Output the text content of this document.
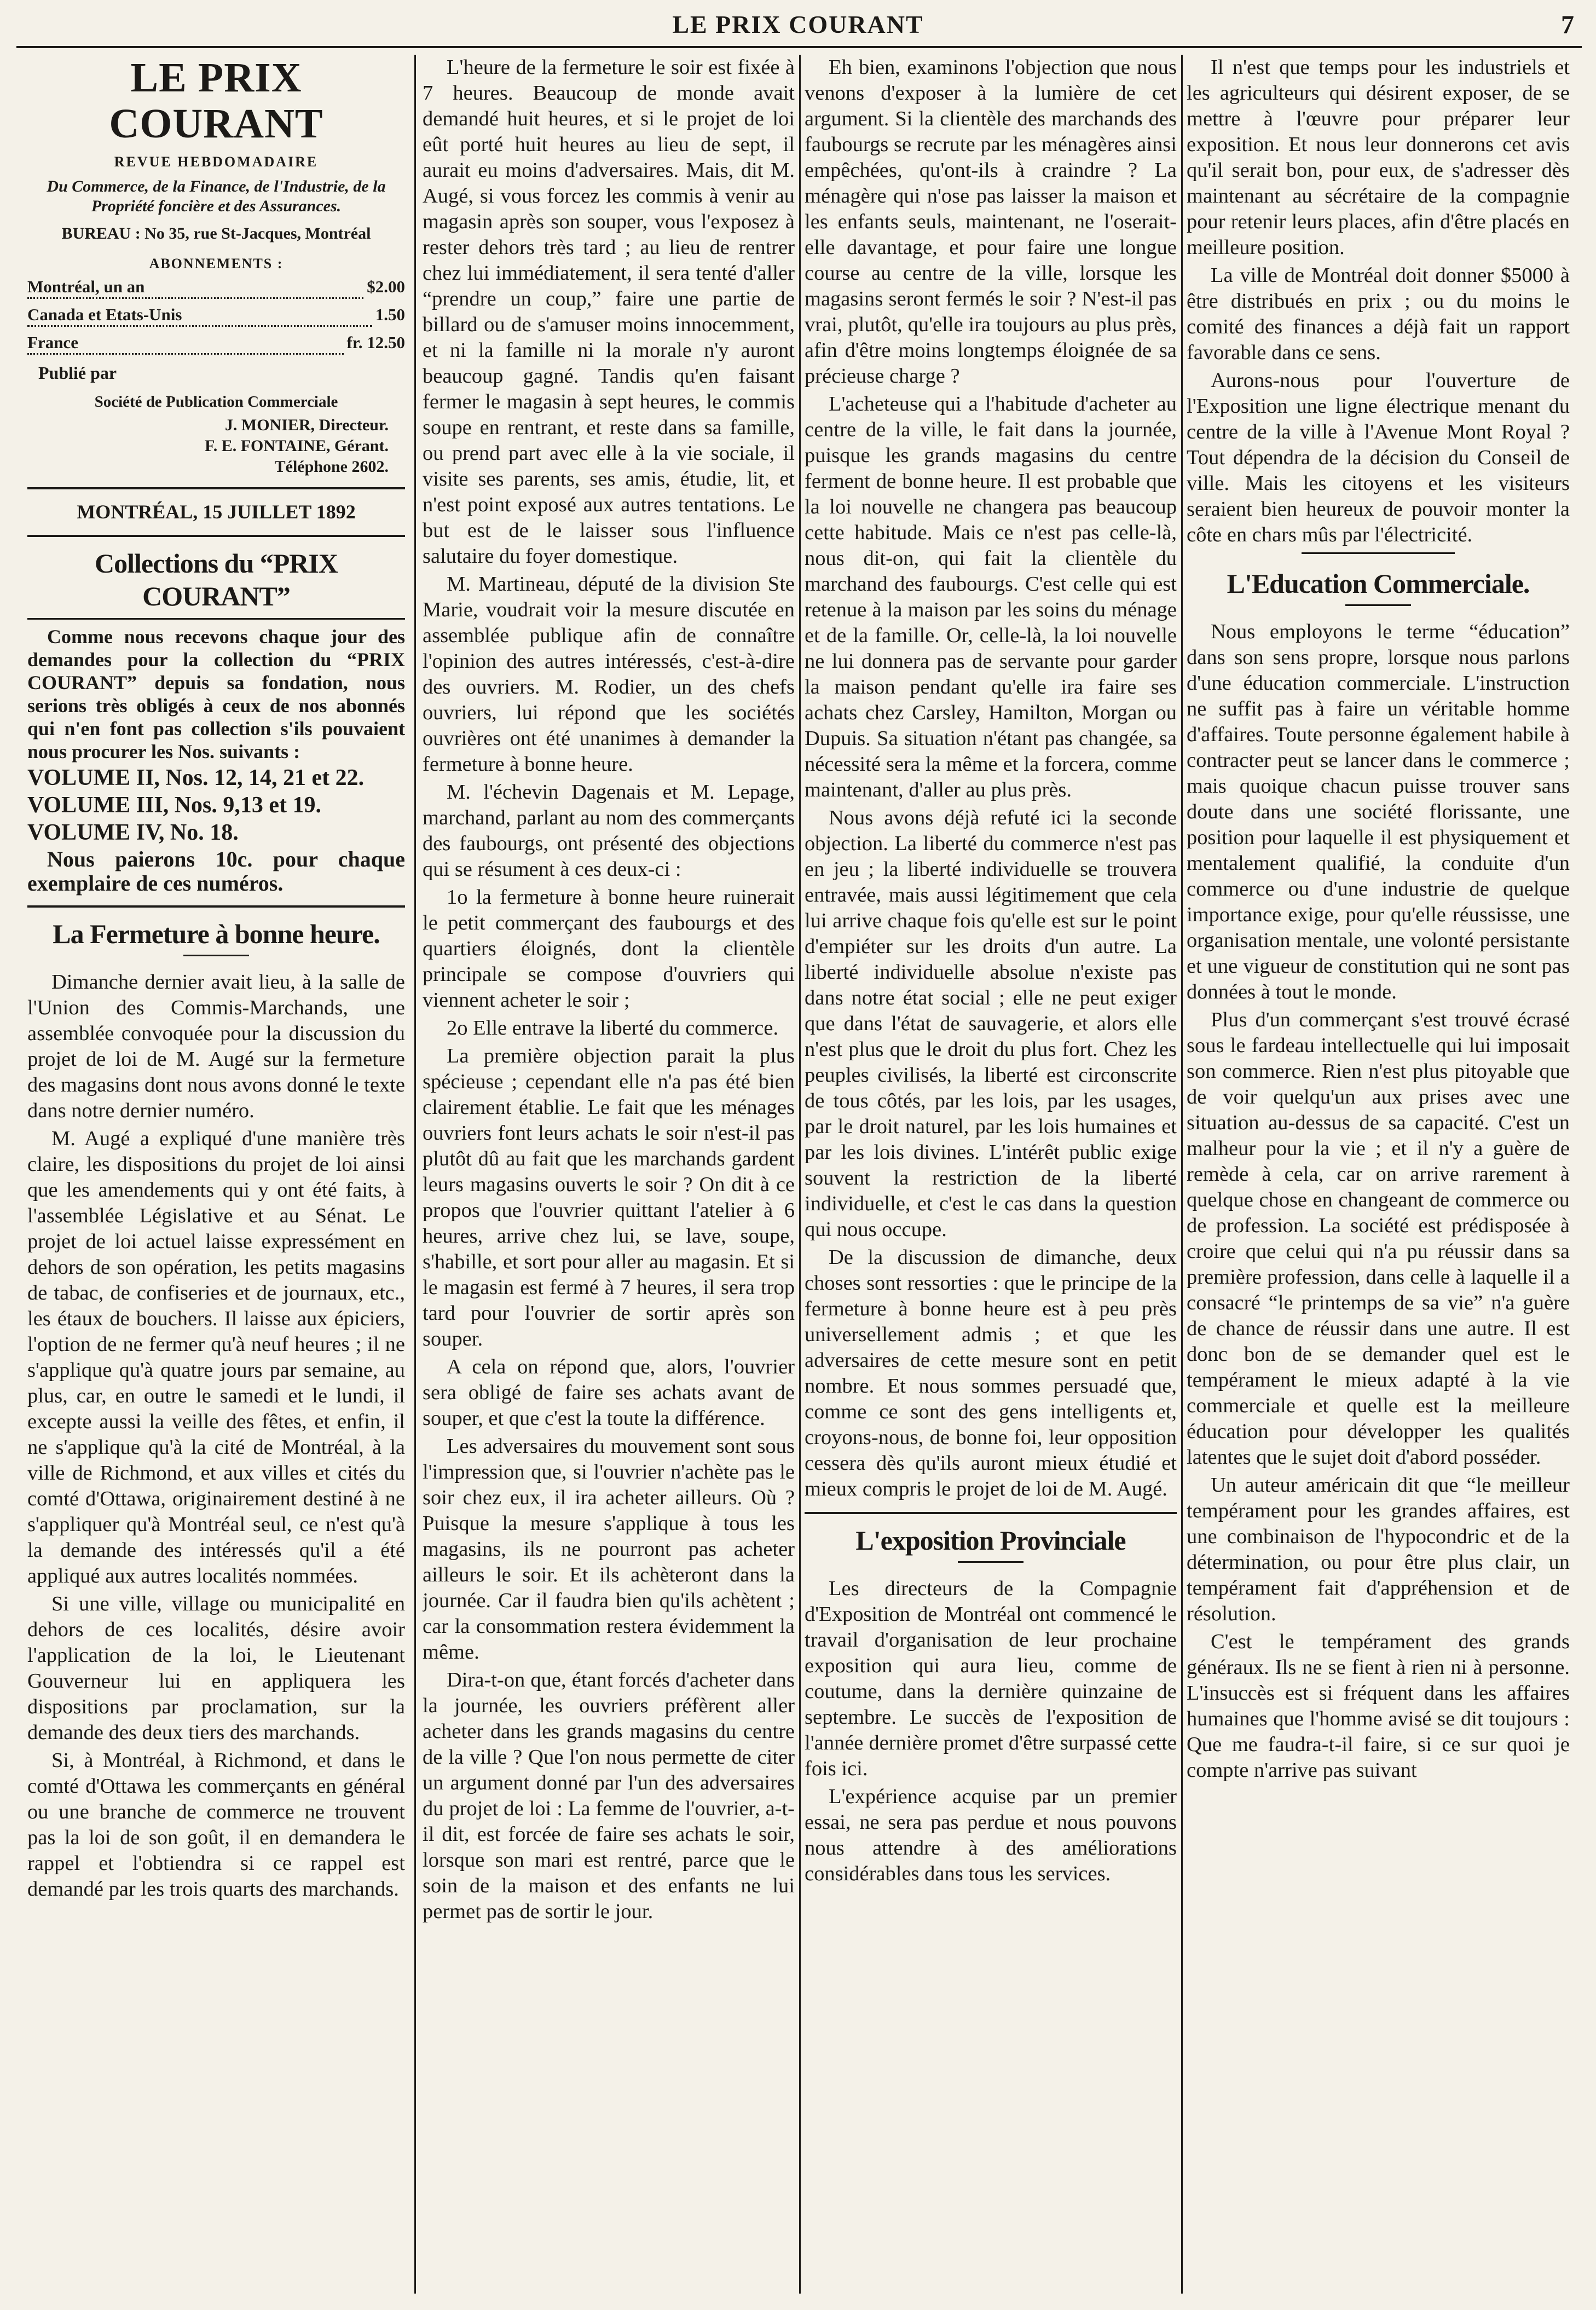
LE PRIX COURANT	7
LE PRIX COURANT
REVUE HEBDOMADAIRE
Du Commerce, de la Finance, de l'Industrie, de la Propriété foncière et des Assurances.
BUREAU : No 35, rue St-Jacques, Montréal
ABONNEMENTS :
Montréal, un an	$2.00
Canada et Etats-Unis	1.50
France	fr. 12.50
Publié par
Société de Publication Commerciale
J. MONIER, Directeur.
F. E. FONTAINE, Gérant.
Téléphone 2602.
MONTRÉAL, 15 JUILLET 1892
Collections du “PRIX COURANT”

Comme nous recevons chaque jour des demandes pour la collection du “PRIX COURANT” depuis sa fondation, nous serions très obligés à ceux de nos abonnés qui n'en font pas collection s'ils pouvaient nous procurer les Nos. suivants :

VOLUME II, Nos. 12, 14, 21 et 22.

VOLUME III, Nos. 9,13 et 19.

VOLUME IV, No. 18.

Nous paierons 10c. pour chaque exemplaire de ces numéros.

La Fermeture à bonne heure.

Dimanche dernier avait lieu, à la salle de l'Union des Commis-Marchands, une assemblée convoquée pour la discussion du projet de loi de M. Augé sur la fermeture des magasins dont nous avons donné le texte dans notre dernier numéro.

M. Augé a expliqué d'une manière très claire, les dispositions du projet de loi ainsi que les amendements qui y ont été faits, à l'assemblée Législative et au Sénat. Le projet de loi actuel laisse expressément en dehors de son opération, les petits magasins de tabac, de confiseries et de journaux, etc., les étaux de bouchers. Il laisse aux épiciers, l'option de ne fermer qu'à neuf heures ; il ne s'applique qu'à quatre jours par semaine, au plus, car, en outre le samedi et le lundi, il excepte aussi la veille des fêtes, et enfin, il ne s'applique qu'à la cité de Montréal, à la ville de Richmond, et aux villes et cités du comté d'Ottawa, originairement destiné à ne s'appliquer qu'à Montréal seul, ce n'est qu'à la demande des intéressés qu'il a été appliqué aux autres localités nommées.

Si une ville, village ou municipalité en dehors de ces localités, désire avoir l'application de la loi, le Lieutenant Gouverneur lui en appliquera les dispositions par proclamation, sur la demande des deux tiers des marchands.

Si, à Montréal, à Richmond, et dans le comté d'Ottawa les commerçants en général ou une branche de commerce ne trouvent pas la loi de son goût, il en demandera le rappel et l'obtiendra si ce rappel est demandé par les trois quarts des marchands.

L'heure de la fermeture le soir est fixée à 7 heures. Beaucoup de monde avait demandé huit heures, et si le projet de loi eût porté huit heures au lieu de sept, il aurait eu moins d'adversaires. Mais, dit M. Augé, si vous forcez les commis à venir au magasin après son souper, vous l'exposez à rester dehors très tard ; au lieu de rentrer chez lui immédiatement, il sera tenté d'aller “prendre un coup,” faire une partie de billard ou de s'amuser moins innocemment, et ni la famille ni la morale n'y auront beaucoup gagné. Tandis qu'en faisant fermer le magasin à sept heures, le commis soupe en rentrant, et reste dans sa famille, ou prend part avec elle à la vie sociale, il visite ses parents, ses amis, étudie, lit, et n'est point exposé aux autres tentations. Le but est de le laisser sous l'influence salutaire du foyer domestique.

M. Martineau, député de la division Ste Marie, voudrait voir la mesure discutée en assemblée publique afin de connaître l'opinion des autres intéressés, c'est-à-dire des ouvriers. M. Rodier, un des chefs ouvriers, lui répond que les sociétés ouvrières ont été unanimes à demander la fermeture à bonne heure.

M. l'échevin Dagenais et M. Lepage, marchand, parlant au nom des commerçants des faubourgs, ont présenté des objections qui se résument à ces deux-ci :

1o la fermeture à bonne heure ruinerait le petit commerçant des faubourgs et des quartiers éloignés, dont la clientèle principale se compose d'ouvriers qui viennent acheter le soir ;

2o Elle entrave la liberté du commerce.

La première objection parait la plus spécieuse ; cependant elle n'a pas été bien clairement établie. Le fait que les ménages ouvriers font leurs achats le soir n'est-il pas plutôt dû au fait que les marchands gardent leurs magasins ouverts le soir ? On dit à ce propos que l'ouvrier quittant l'atelier à 6 heures, arrive chez lui, se lave, soupe, s'habille, et sort pour aller au magasin. Et si le magasin est fermé à 7 heures, il sera trop tard pour l'ouvrier de sortir après son souper.

A cela on répond que, alors, l'ouvrier sera obligé de faire ses achats avant de souper, et que c'est la toute la différence.

Les adversaires du mouvement sont sous l'impression que, si l'ouvrier n'achète pas le soir chez eux, il ira acheter ailleurs. Où ? Puisque la mesure s'applique à tous les magasins, ils ne pourront pas acheter ailleurs le soir. Et ils achèteront dans la journée. Car il faudra bien qu'ils achètent ; car la consommation restera évidemment la même.

Dira-t-on que, étant forcés d'acheter dans la journée, les ouvriers préfèrent aller acheter dans les grands magasins du centre de la ville ? Que l'on nous permette de citer un argument donné par l'un des adversaires du projet de loi : La femme de l'ouvrier, a-t-il dit, est forcée de faire ses achats le soir, lorsque son mari est rentré, parce que le soin de la maison et des enfants ne lui permet pas de sortir le jour.

Eh bien, examinons l'objection que nous venons d'exposer à la lumière de cet argument. Si la clientèle des marchands des faubourgs se recrute par les ménagères ainsi empêchées, qu'ont-ils à craindre ? La ménagère qui n'ose pas laisser la maison et les enfants seuls, maintenant, ne l'oserait-elle davantage, et pour faire une longue course au centre de la ville, lorsque les magasins seront fermés le soir ? N'est-il pas vrai, plutôt, qu'elle ira toujours au plus près, afin d'être moins longtemps éloignée de sa précieuse charge ?

L'acheteuse qui a l'habitude d'acheter au centre de la ville, le fait dans la journée, puisque les grands magasins du centre ferment de bonne heure. Il est probable que la loi nouvelle ne changera pas beaucoup cette habitude. Mais ce n'est pas celle-là, nous dit-on, qui fait la clientèle du marchand des faubourgs. C'est celle qui est retenue à la maison par les soins du ménage et de la famille. Or, celle-là, la loi nouvelle ne lui donnera pas de servante pour garder la maison pendant qu'elle ira faire ses achats chez Carsley, Hamilton, Morgan ou Dupuis. Sa situation n'étant pas changée, sa nécessité sera la même et la forcera, comme maintenant, d'aller au plus près.

Nous avons déjà refuté ici la seconde objection. La liberté du commerce n'est pas en jeu ; la liberté individuelle se trouvera entravée, mais aussi légitimement que cela lui arrive chaque fois qu'elle est sur le point d'empiéter sur les droits d'un autre. La liberté individuelle absolue n'existe pas dans notre état social ; elle ne peut exiger que dans l'état de sauvagerie, et alors elle n'est plus que le droit du plus fort. Chez les peuples civilisés, la liberté est circonscrite de tous côtés, par les lois, par les usages, par le droit naturel, par les lois humaines et par les lois divines. L'intérêt public exige souvent la restriction de la liberté individuelle, et c'est le cas dans la question qui nous occupe.

De la discussion de dimanche, deux choses sont ressorties : que le principe de la fermeture à bonne heure est à peu près universellement admis ; et que les adversaires de cette mesure sont en petit nombre. Et nous sommes persuadé que, comme ce sont des gens intelligents et, croyons-nous, de bonne foi, leur opposition cessera dès qu'ils auront mieux étudié et mieux compris le projet de loi de M. Augé.

L'exposition Provinciale

Les directeurs de la Compagnie d'Exposition de Montréal ont commencé le travail d'organisation de leur prochaine exposition qui aura lieu, comme de coutume, dans la dernière quinzaine de septembre. Le succès de l'exposition de l'année dernière promet d'être surpassé cette fois ici.

L'expérience acquise par un premier essai, ne sera pas perdue et nous pouvons nous attendre à des améliorations considérables dans tous les services.

Il n'est que temps pour les industriels et les agriculteurs qui désirent exposer, de se mettre à l'œuvre pour préparer leur exposition. Et nous leur donnerons cet avis qu'il serait bon, pour eux, de s'adresser dès maintenant au sécrétaire de la compagnie pour retenir leurs places, afin d'être placés en meilleure position.

La ville de Montréal doit donner $5000 à être distribués en prix ; ou du moins le comité des finances a déjà fait un rapport favorable dans ce sens.

Aurons-nous pour l'ouverture de l'Exposition une ligne électrique menant du centre de la ville à l'Avenue Mont Royal ? Tout dépendra de la décision du Conseil de ville. Mais les citoyens et les visiteurs seraient bien heureux de pouvoir monter la côte en chars mûs par l'électricité.

L'Education Commerciale.

Nous employons le terme “éducation” dans son sens propre, lorsque nous parlons d'une éducation commerciale. L'instruction ne suffit pas à faire un véritable homme d'affaires. Toute personne également habile à contracter peut se lancer dans le commerce ; mais quoique chacun puisse trouver sans doute dans une société florissante, une position pour laquelle il est physiquement et mentalement qualifié, la conduite d'un commerce ou d'une industrie de quelque importance exige, pour qu'elle réussisse, une organisation mentale, une volonté persistante et une vigueur de constitution qui ne sont pas données à tout le monde.

Plus d'un commerçant s'est trouvé écrasé sous le fardeau intellectuelle qui lui imposait son commerce. Rien n'est plus pitoyable que de voir quelqu'un aux prises avec une situation au-dessus de sa capacité. C'est un malheur pour la vie ; et il n'y a guère de remède à cela, car on arrive rarement à quelque chose en changeant de commerce ou de profession. La société est prédisposée à croire que celui qui n'a pu réussir dans sa première profession, dans celle à laquelle il a consacré “le printemps de sa vie” n'a guère de chance de réussir dans une autre. Il est donc bon de se demander quel est le tempérament le mieux adapté à la vie commerciale et quelle est la meilleure éducation pour développer les qualités latentes que le sujet doit d'abord posséder.

Un auteur américain dit que “le meilleur tempérament pour les grandes affaires, est une combinaison de l'hypocondric et de la détermination, ou pour être plus clair, un tempérament fait d'appréhension et de résolution.

C'est le tempérament des grands généraux. Ils ne se fient à rien ni à personne. L'insuccès est si fréquent dans les affaires humaines que l'homme avisé se dit toujours : Que me faudra-t-il faire, si ce sur quoi je compte n'arrive pas suivant
